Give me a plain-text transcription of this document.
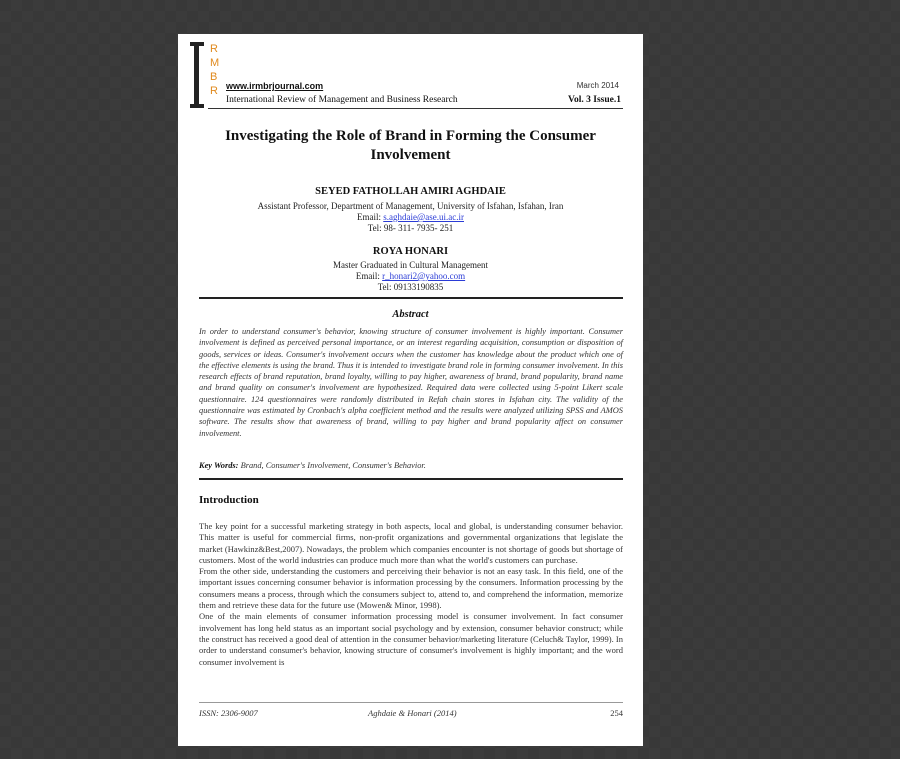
R
M
B
R www.irmbrjournal.com	March 2014
International Review of Management and Business Research	Vol. 3 Issue.1
Investigating the Role of Brand in Forming the Consumer Involvement
SEYED FATHOLLAH AMIRI AGHDAIE
Assistant Professor, Department of Management, University of Isfahan, Isfahan, Iran
Email: s.aghdaie@ase.ui.ac.ir
Tel: 98- 311- 7935- 251
ROYA HONARI
Master Graduated in Cultural Management
Email: r_honari2@yahoo.com
Tel: 09133190835
Abstract
In order to understand consumer's behavior, knowing structure of consumer involvement is highly important. Consumer involvement is defined as perceived personal importance, or an interest regarding acquisition, consumption or disposition of goods, services or ideas. Consumer's involvement occurs when the customer has knowledge about the product which one of the effective elements is using the brand. Thus it is intended to investigate brand role in forming consumer involvement. In this research effects of brand reputation, brand loyalty, willing to pay higher, awareness of brand, brand popularity, brand name and brand quality on consumer's involvement are hypothesized. Required data were collected using 5-point Likert scale questionnaire. 124 questionnaires were randomly distributed in Refah chain stores in Isfahan city. The validity of the questionnaire was estimated by Cronbach's alpha coefficient method and the results were analyzed utilizing SPSS and AMOS software. The results show that awareness of brand, willing to pay higher and brand popularity affect on consumer involvement.
Key Words: Brand, Consumer's Involvement, Consumer's Behavior.
Introduction

The key point for a successful marketing strategy in both aspects, local and global, is understanding consumer behavior. This matter is useful for commercial firms, non-profit organizations and governmental organizations that legislate the market (Hawkinz&Best,2007). Nowadays, the problem which companies encounter is not shortage of goods but shortage of customers. Most of the world industries can produce much more than what the world's customers can purchase.

From the other side, understanding the customers and perceiving their behavior is not an easy task. In this field, one of the important issues concerning consumer behavior is information processing by the consumers. Information processing by the consumers means a process, through which the consumers subject to, attend to, and comprehend the information, memorize them and retrieve these data for the future use (Mowen& Minor, 1998).

One of the main elements of consumer information processing model is consumer involvement. In fact consumer involvement has long held status as an important social psychology and by extension, consumer behavior construct; while the construct has received a good deal of attention in the consumer behavior/marketing literature (Celuch& Taylor, 1999). In order to understand consumer's behavior, knowing structure of consumer's involvement is highly important; and the word consumer involvement is

ISSN: 2306-9007	Aghdaie & Honari (2014)	254
